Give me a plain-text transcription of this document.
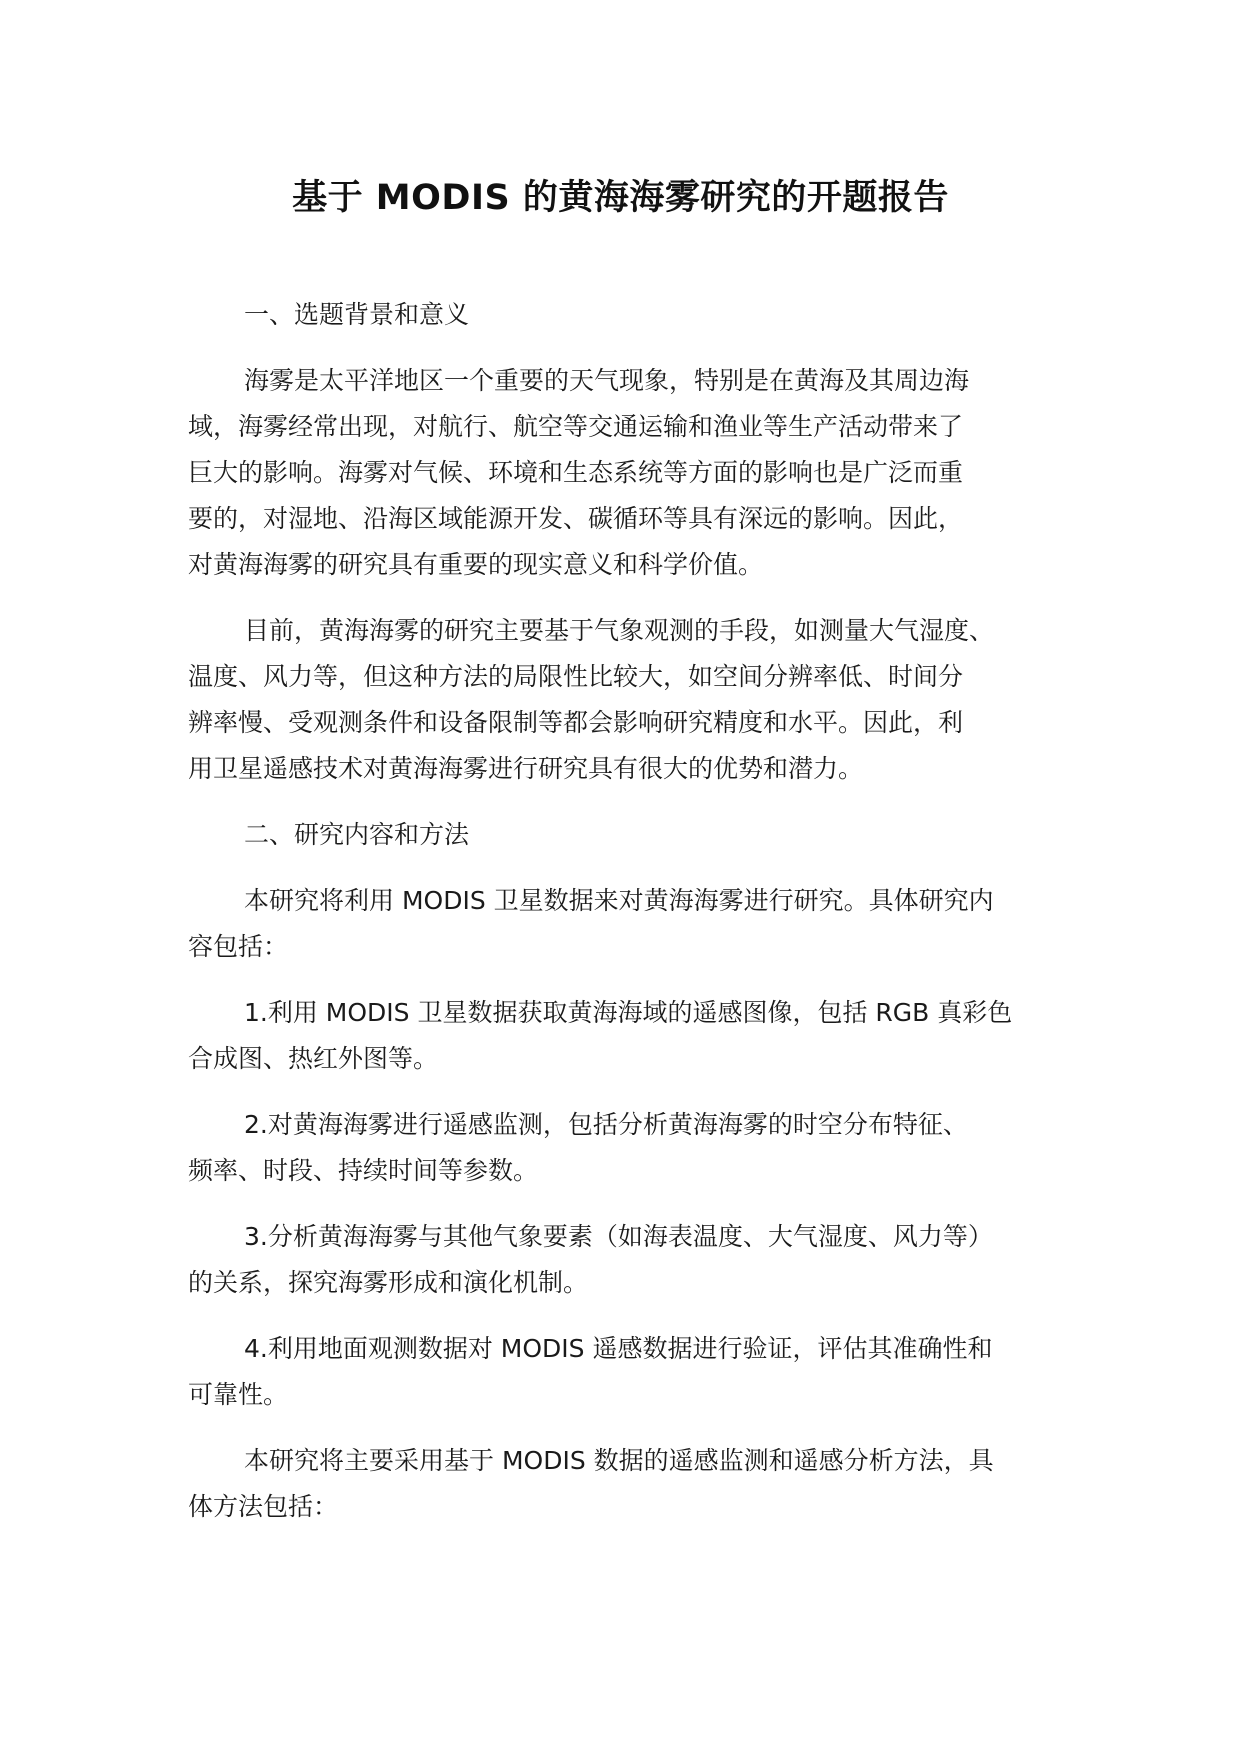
基于 MODIS 的黄海海雾研究的开题报告
一、选题背景和意义
海雾是太平洋地区一个重要的天气现象，特别是在黄海及其周边海
域，海雾经常出现，对航行、航空等交通运输和渔业等生产活动带来了
巨大的影响。海雾对气候、环境和生态系统等方面的影响也是广泛而重
要的，对湿地、沿海区域能源开发、碳循环等具有深远的影响。因此，
对黄海海雾的研究具有重要的现实意义和科学价值。
目前，黄海海雾的研究主要基于气象观测的手段，如测量大气湿度、
温度、风力等，但这种方法的局限性比较大，如空间分辨率低、时间分
辨率慢、受观测条件和设备限制等都会影响研究精度和水平。因此，利
用卫星遥感技术对黄海海雾进行研究具有很大的优势和潜力。
二、研究内容和方法
本研究将利用 MODIS 卫星数据来对黄海海雾进行研究。具体研究内
容包括：
1.利用 MODIS 卫星数据获取黄海海域的遥感图像，包括 RGB 真彩色
合成图、热红外图等。
2.对黄海海雾进行遥感监测，包括分析黄海海雾的时空分布特征、
频率、时段、持续时间等参数。
3.分析黄海海雾与其他气象要素（如海表温度、大气湿度、风力等）
的关系，探究海雾形成和演化机制。
4.利用地面观测数据对 MODIS 遥感数据进行验证，评估其准确性和
可靠性。
本研究将主要采用基于 MODIS 数据的遥感监测和遥感分析方法，具
体方法包括：
